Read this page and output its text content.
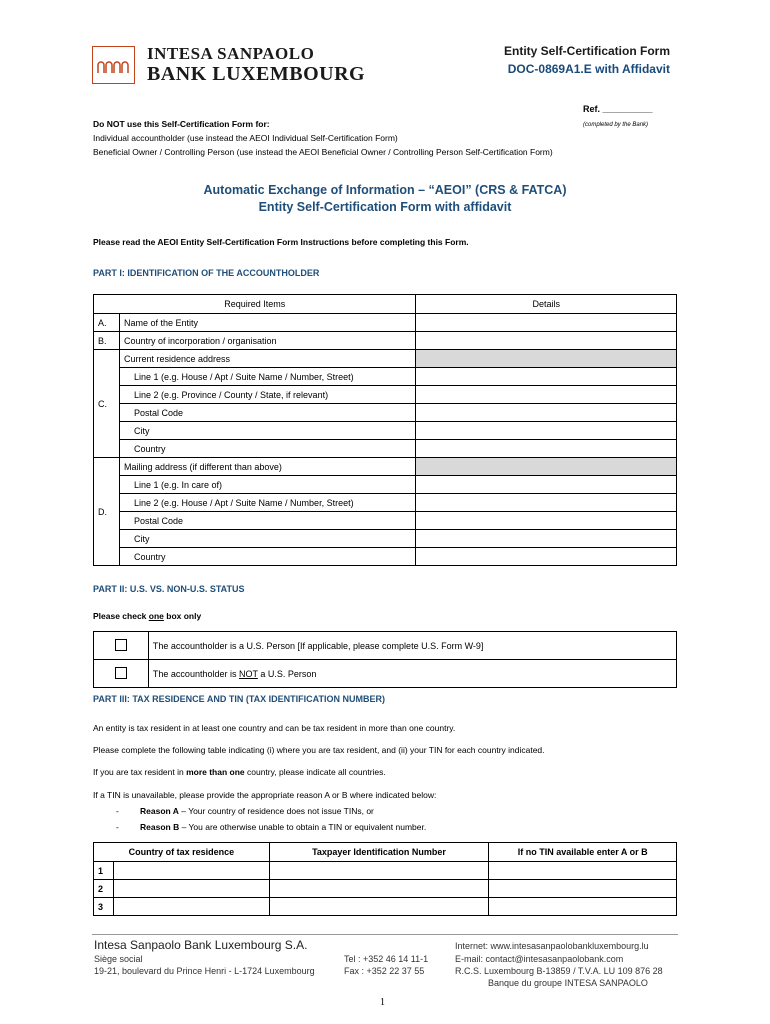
INTESA SANPAOLO
BANK LUXEMBOURG
Entity Self-Certification Form
DOC-0869A1.E with Affidavit
Ref. __________
(completed by the Bank)
Do NOT use this Self-Certification Form for:
Individual accountholder (use instead the AEOI Individual Self-Certification Form)
Beneficial Owner / Controlling Person (use instead the AEOI Beneficial Owner / Controlling Person Self-Certification Form)
Automatic Exchange of Information – “AEOI” (CRS & FATCA)
Entity Self-Certification Form with affidavit
Please read the AEOI Entity Self-Certification Form Instructions before completing this Form.
PART I: IDENTIFICATION OF THE ACCOUNTHOLDER
Required Items		Details
A.	Name of the Entity	
B.	Country of incorporation / organisation	
C.	Current residence address	
	Line 1 (e.g. House / Apt / Suite Name / Number, Street)	
	Line 2 (e.g. Province / County / State, if relevant)	
	Postal Code	
	City	
	Country	
D.	Mailing address (if different than above)	
	Line 1 (e.g. In care of)	
	Line 2 (e.g. House / Apt / Suite Name / Number, Street)	
	Postal Code	
	City	
	Country	
PART II: U.S. VS. NON-U.S. STATUS
Please check one box only
	The accountholder is a U.S. Person [If applicable, please complete U.S. Form W-9]
	The accountholder is NOT a U.S. Person
PART III: TAX RESIDENCE AND TIN (TAX IDENTIFICATION NUMBER)
An entity is tax resident in at least one country and can be tax resident in more than one country.
Please complete the following table indicating (i) where you are tax resident, and (ii) your TIN for each country indicated.
If you are tax resident in more than one country, please indicate all countries.
If a TIN is unavailable, please provide the appropriate reason A or B where indicated below:
- Reason A – Your country of residence does not issue TINs, or
- Reason B – You are otherwise unable to obtain a TIN or equivalent number.
Country of tax residence		Taxpayer Identification Number	If no TIN available enter A or B
1			
2			
3			
Intesa Sanpaolo Bank Luxembourg S.A.
Siège social
19-21, boulevard du Prince Henri - L-1724 Luxembourg
Tel : +352 46 14 11-1
Fax : +352 22 37 55
Internet: www.intesasanpaolobankluxembourg.lu
E-mail: contact@intesasanpaolobank.com
R.C.S. Luxembourg B-13859 / T.V.A. LU 109 876 28
Banque du groupe INTESA SANPAOLO
1
